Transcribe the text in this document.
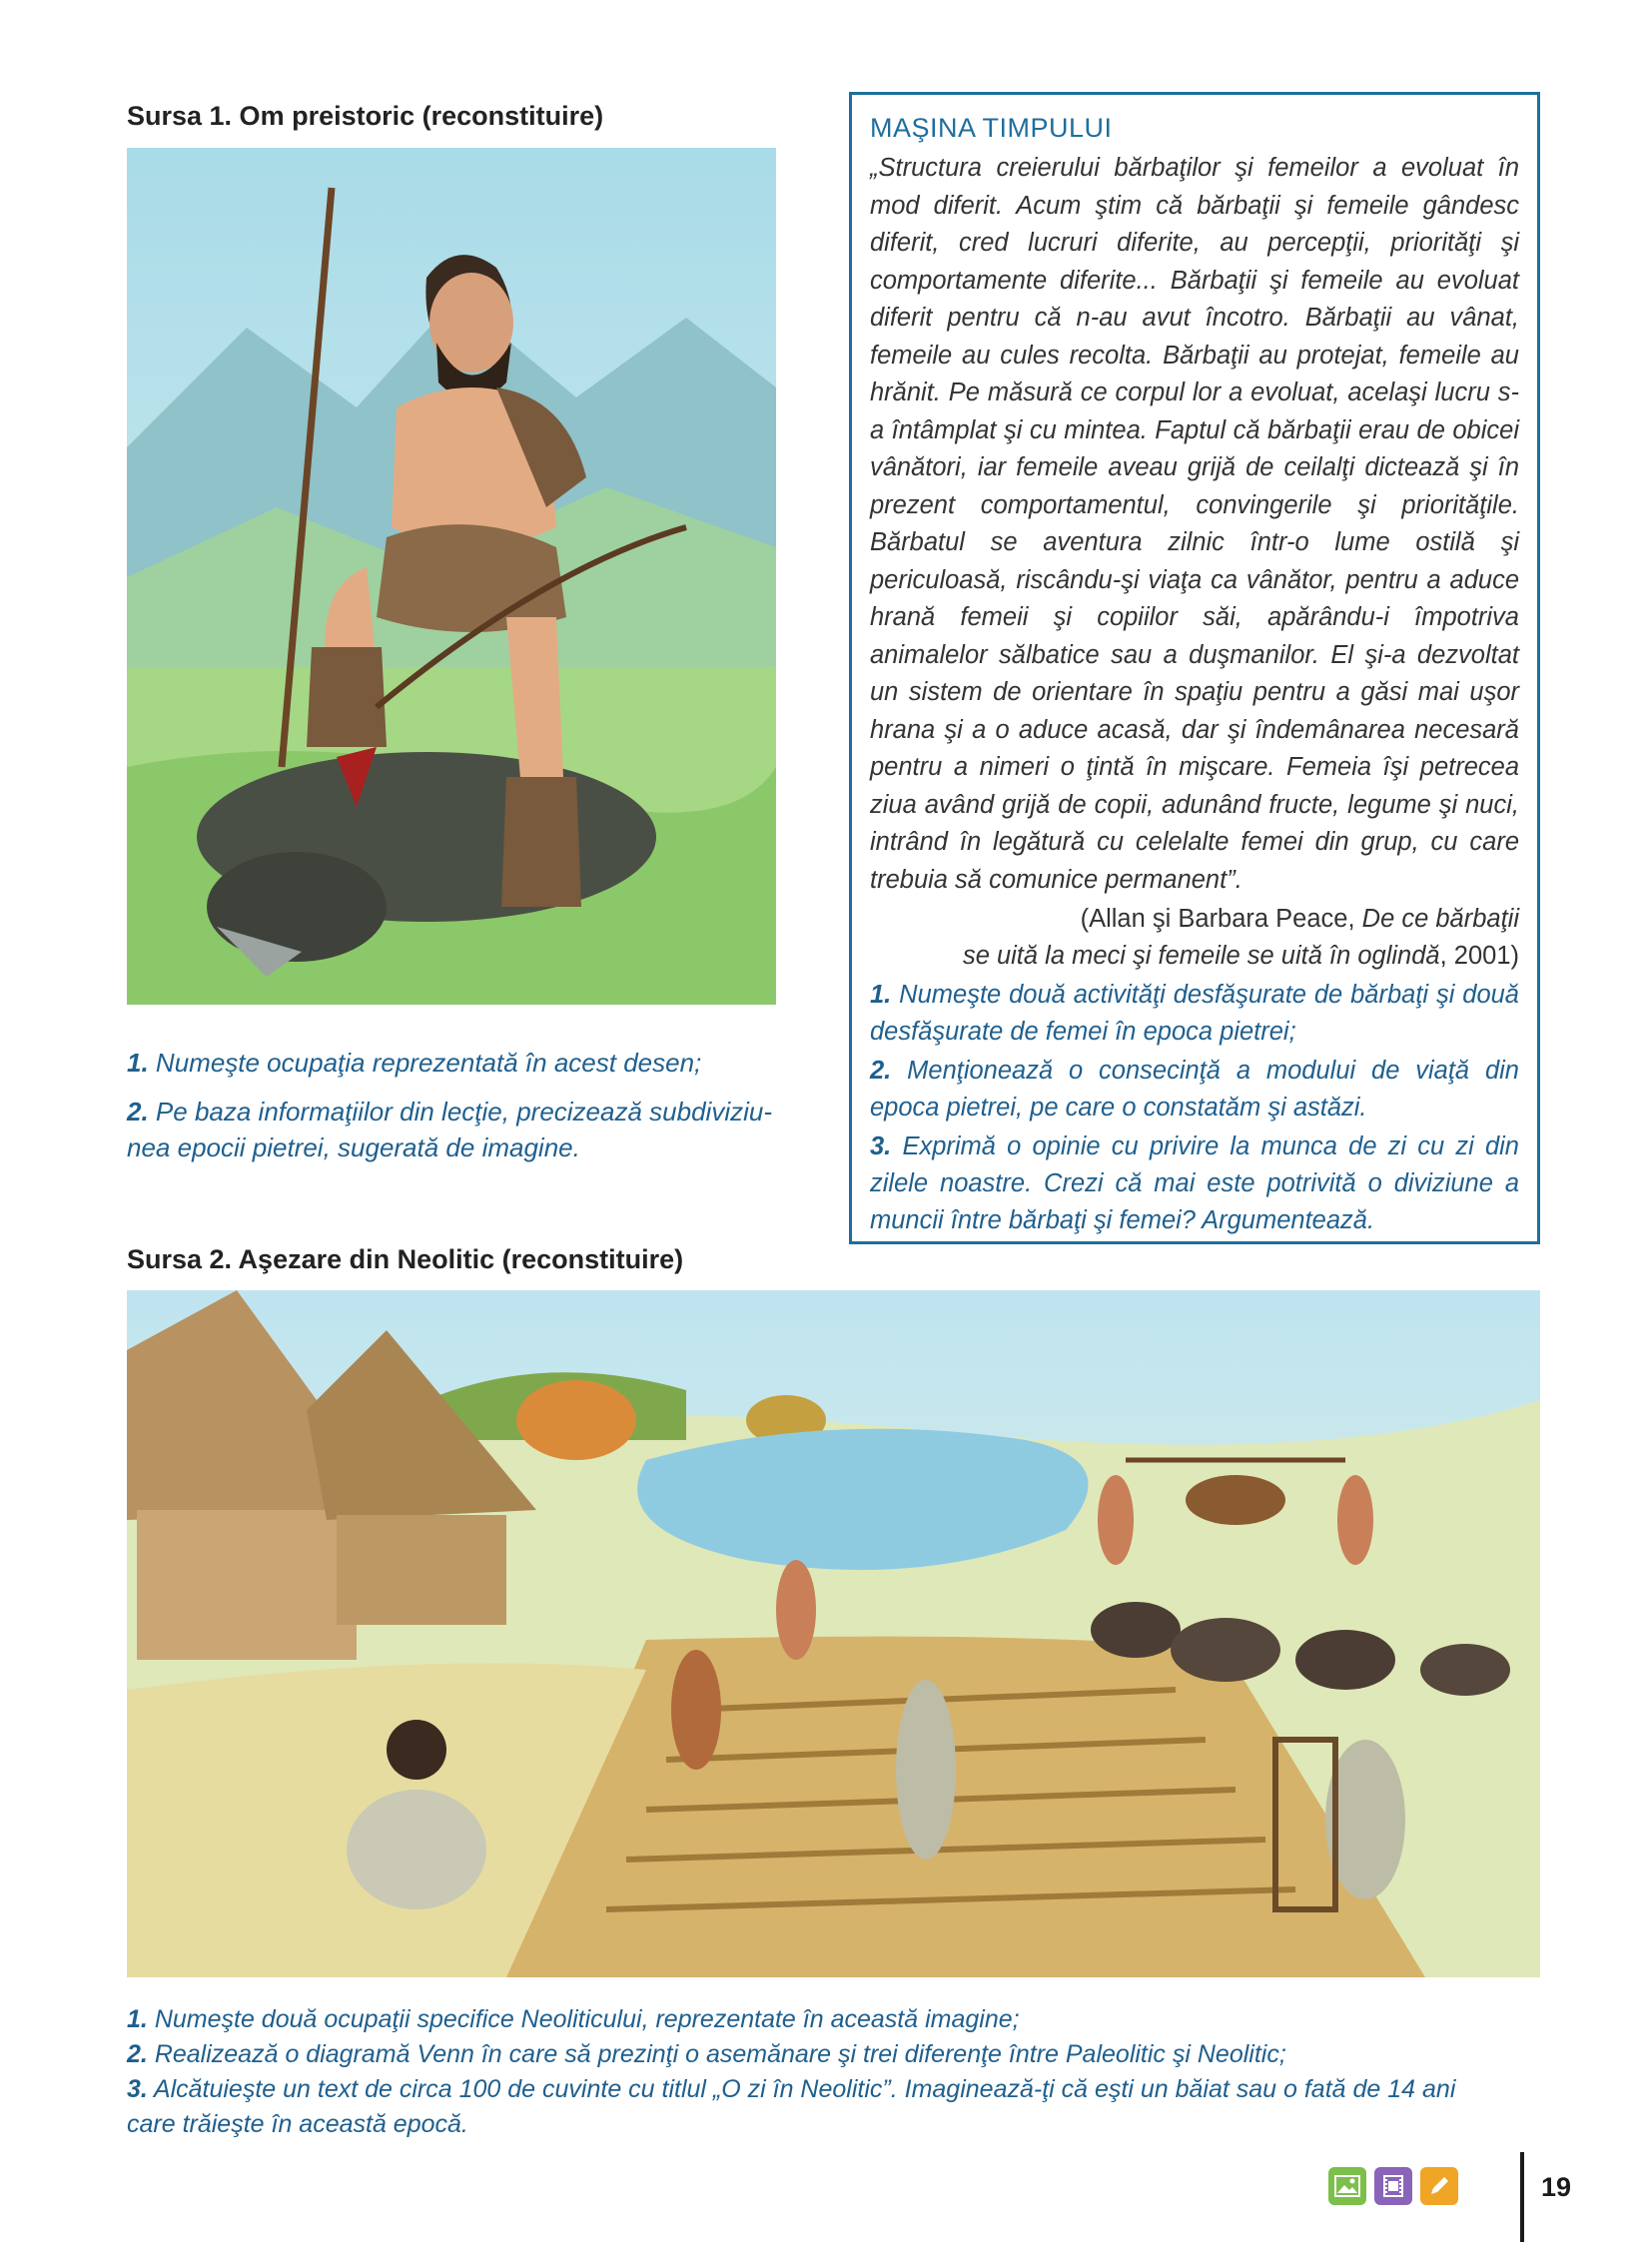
Sursa 1. Om preistoric (reconstituire)
1. Numeşte ocupaţia reprezentată în acest desen;
2. Pe baza informaţiilor din lecţie, precizează subdiviziu-
nea epocii pietrei, sugerată de imagine.
MAŞINA TIMPULUI
„Structura creierului bărbaţilor şi femeilor a evoluat în mod diferit. Acum ştim că bărbaţii şi femeile gândesc diferit, cred lucruri diferite, au percepţii, priorităţi şi comportamente diferite... Bărbaţii şi femeile au evoluat diferit pentru că n-au avut încotro. Bărbaţii au vânat, femeile au cules recolta. Bărbaţii au protejat, femeile au hrănit. Pe măsură ce corpul lor a evoluat, acelaşi lucru s-a întâmplat şi cu mintea. Faptul că bărbaţii erau de obicei vânători, iar femeile aveau grijă de ceilalţi dictează şi în prezent comportamentul, convingerile şi priorităţile. Bărbatul se aventura zilnic într-o lume ostilă şi periculoasă, riscându-şi viaţa ca vânător, pentru a aduce hrană femeii şi copiilor săi, apărându-i împotriva animalelor sălbatice sau a duşmanilor. El şi-a dezvoltat un sistem de orientare în spaţiu pentru a găsi mai uşor hrana şi a o aduce acasă, dar şi îndemânarea necesară pentru a nimeri o ţintă în mişcare. Femeia îşi petrecea ziua având grijă de copii, adunând fructe, legume şi nuci, intrând în legătură cu celelalte femei din grup, cu care trebuia să comunice permanent”.
(Allan şi Barbara Peace, De ce bărbaţii
se uită la meci şi femeile se uită în oglindă, 2001)
1. Numeşte două activităţi desfăşurate de bărbaţi şi două desfăşurate de femei în epoca pietrei;
2. Menţionează o consecinţă a modului de viaţă din epoca pietrei, pe care o constatăm şi astăzi.
3. Exprimă o opinie cu privire la munca de zi cu zi din zilele noastre. Crezi că mai este potrivită o diviziune a muncii între bărbaţi şi femei? Argumentează.
Sursa 2. Aşezare din Neolitic (reconstituire)
1. Numeşte două ocupaţii specifice Neoliticului, reprezentate în această imagine;
2. Realizează o diagramă Venn în care să prezinţi o asemănare şi trei diferenţe între Paleolitic şi Neolitic;
3. Alcătuieşte un text de circa 100 de cuvinte cu titlul „O zi în Neolitic”. Imaginează-ţi că eşti un băiat sau o fată de 14 ani
care trăieşte în această epocă.
19
